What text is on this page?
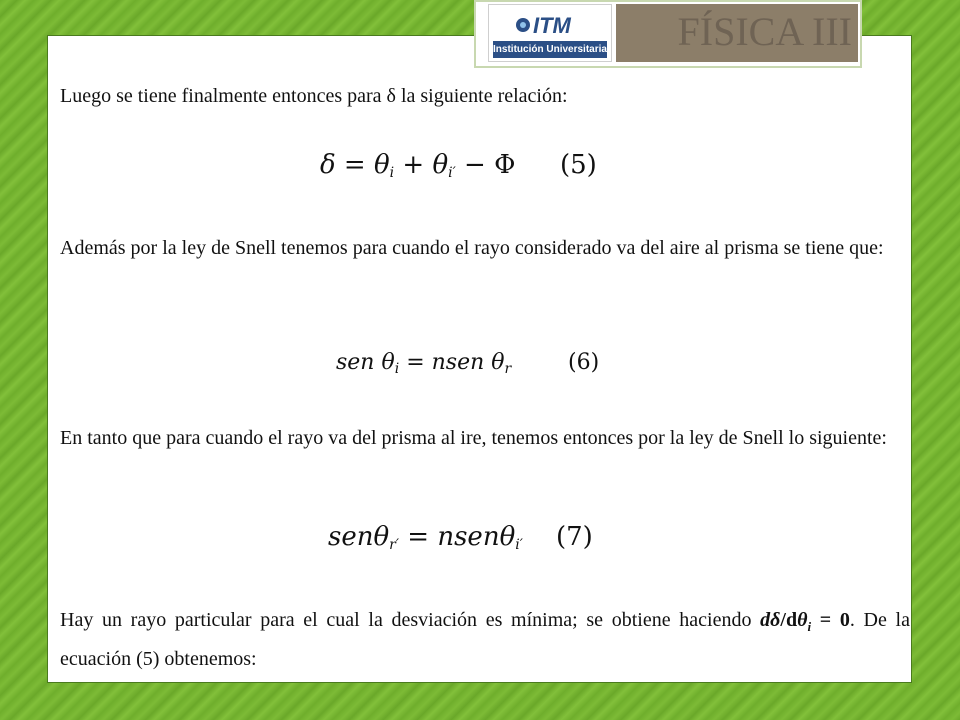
ITM
Institución Universitaria FÍSICA III
Luego se tiene finalmente entonces para δ la siguiente relación:
$\delta = \theta_i + \theta_{i'} - \Phi$ (5)
Además por la ley de Snell tenemos para cuando el rayo considerado va del aire al prisma se tiene que:
sen $\theta_i$ = nsen $\theta_r$	(6)
En tanto que para cuando el rayo va del prisma al ire, tenemos entonces por la ley de Snell lo siguiente:
senθ$_{r'}$ = nsenθ$_{i'}$ (7)
Hay un rayo particular para el cual la desviación es mínima; se obtiene haciendo $d\delta/d\theta_i = 0$. De la ecuación (5) obtenemos:
